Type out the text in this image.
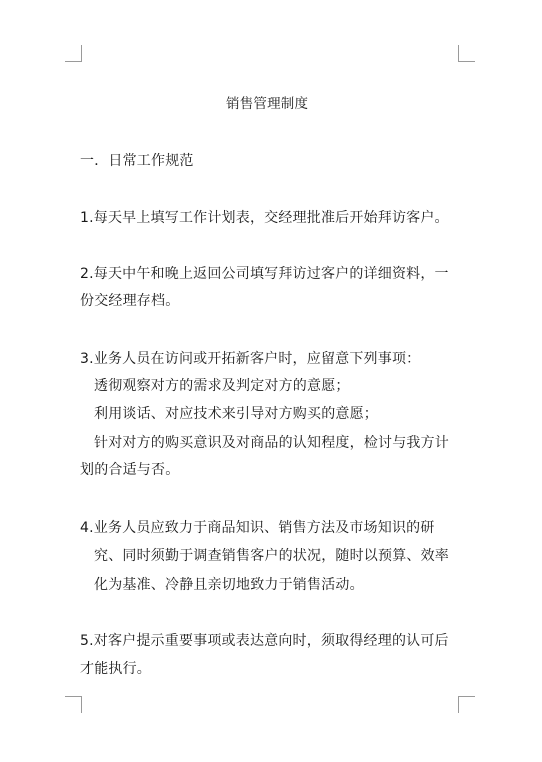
销售管理制度
一．日常工作规范
1.每天早上填写工作计划表，交经理批准后开始拜访客户。
2.每天中午和晚上返回公司填写拜访过客户的详细资料，一
份交经理存档。
3.业务人员在访问或开拓新客户时，应留意下列事项：
透彻观察对方的需求及判定对方的意愿；
利用谈话、对应技术来引导对方购买的意愿；
针对对方的购买意识及对商品的认知程度，检讨与我方计
划的合适与否。
4.业务人员应致力于商品知识、销售方法及市场知识的研
究、同时须勤于调查销售客户的状况，随时以预算、效率
化为基准、冷静且亲切地致力于销售活动。
5.对客户提示重要事项或表达意向时，须取得经理的认可后
才能执行。
